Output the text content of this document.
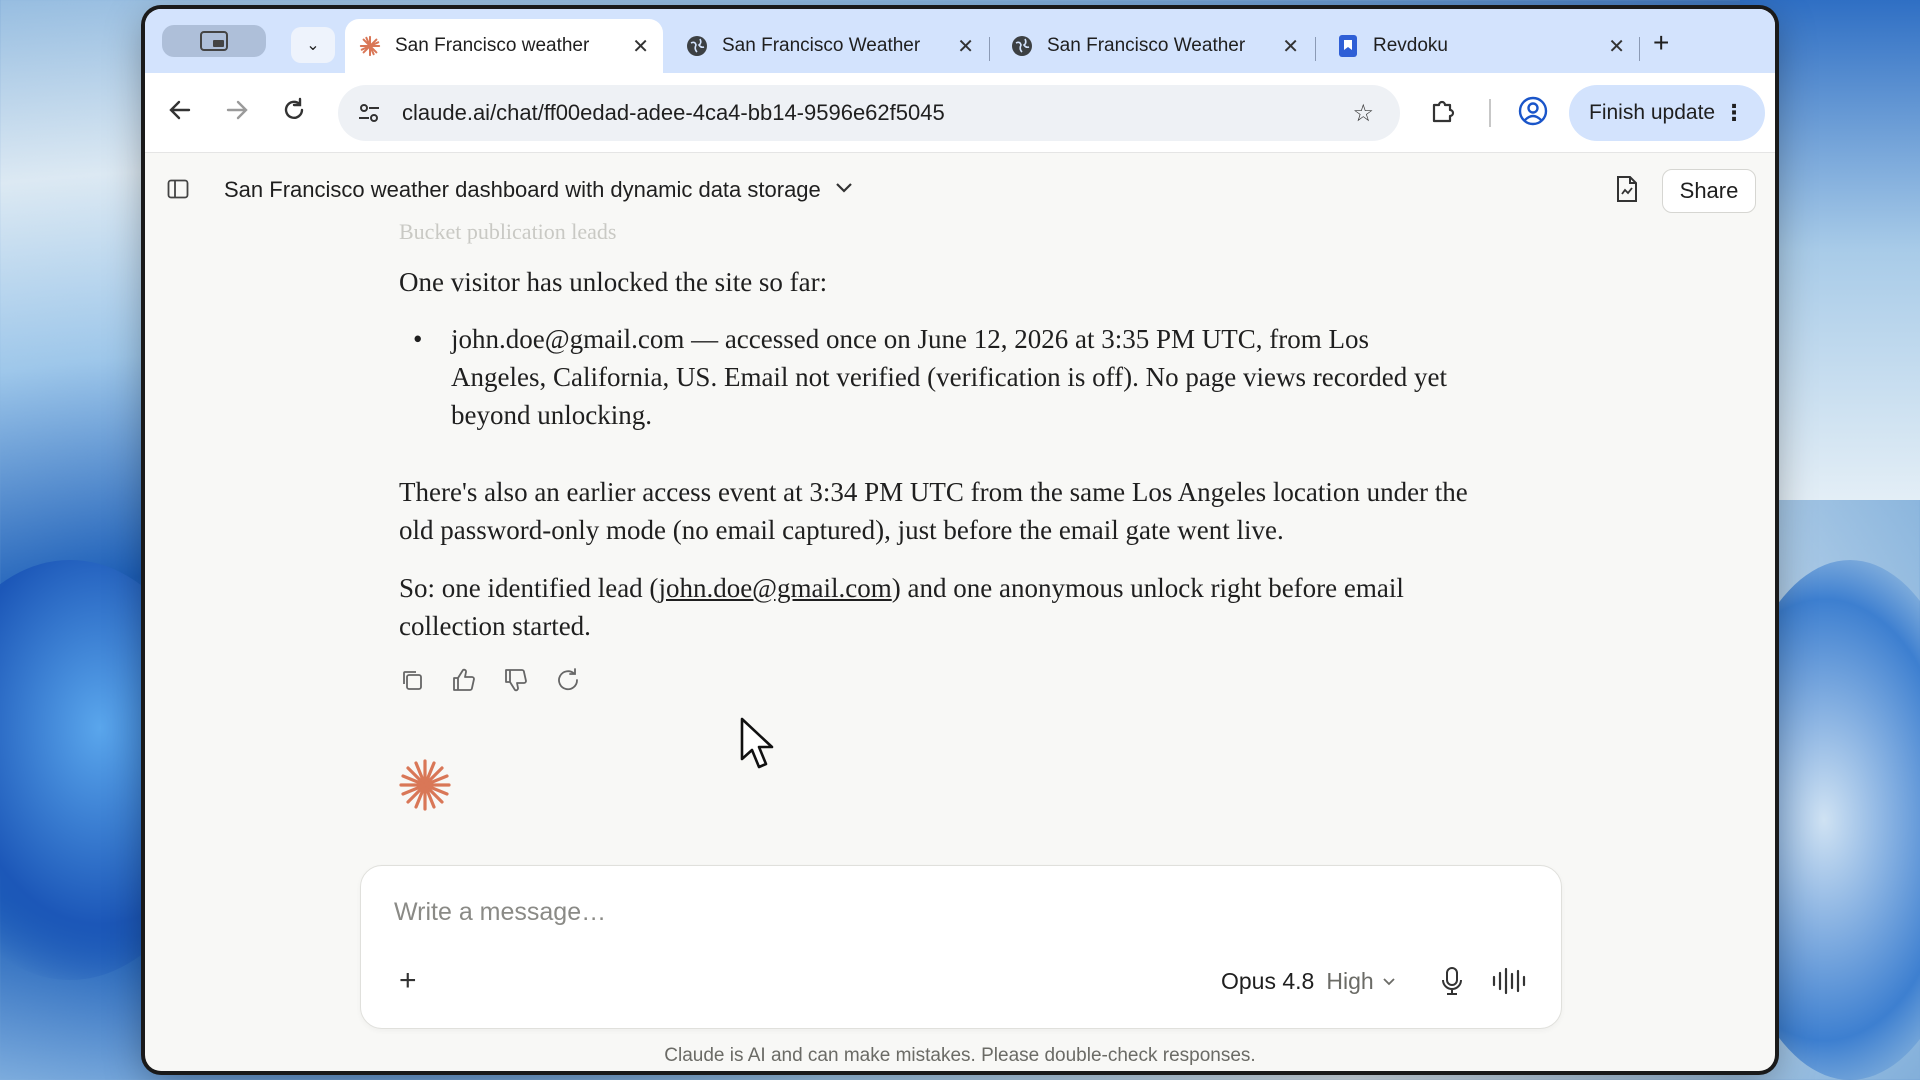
⌄	San Francisco weather	✕	San Francisco Weather	✕	San Francisco Weather	✕	Revdoku	✕ +
claude.ai/chat/ff00edad-adee-4ca4-bb14-9596e62f5045	☆	Finish update ⋮
San Francisco weather dashboard with dynamic data storage	Share
Bucket publication leads

One visitor has unlocked the site so far:

• john.doe@gmail.com — accessed once on June 12, 2026 at 3:35 PM UTC, from Los Angeles, California, US. Email not verified (verification is off). No page views recorded yet beyond unlocking.

There's also an earlier access event at 3:34 PM UTC from the same Los Angeles location under the old password-only mode (no email captured), just before the email gate went live.

So: one identified lead (john.doe@gmail.com) and one anonymous unlock right before email collection started.

Write a message…
+	Opus 4.8 High
Claude is AI and can make mistakes. Please double-check responses.
